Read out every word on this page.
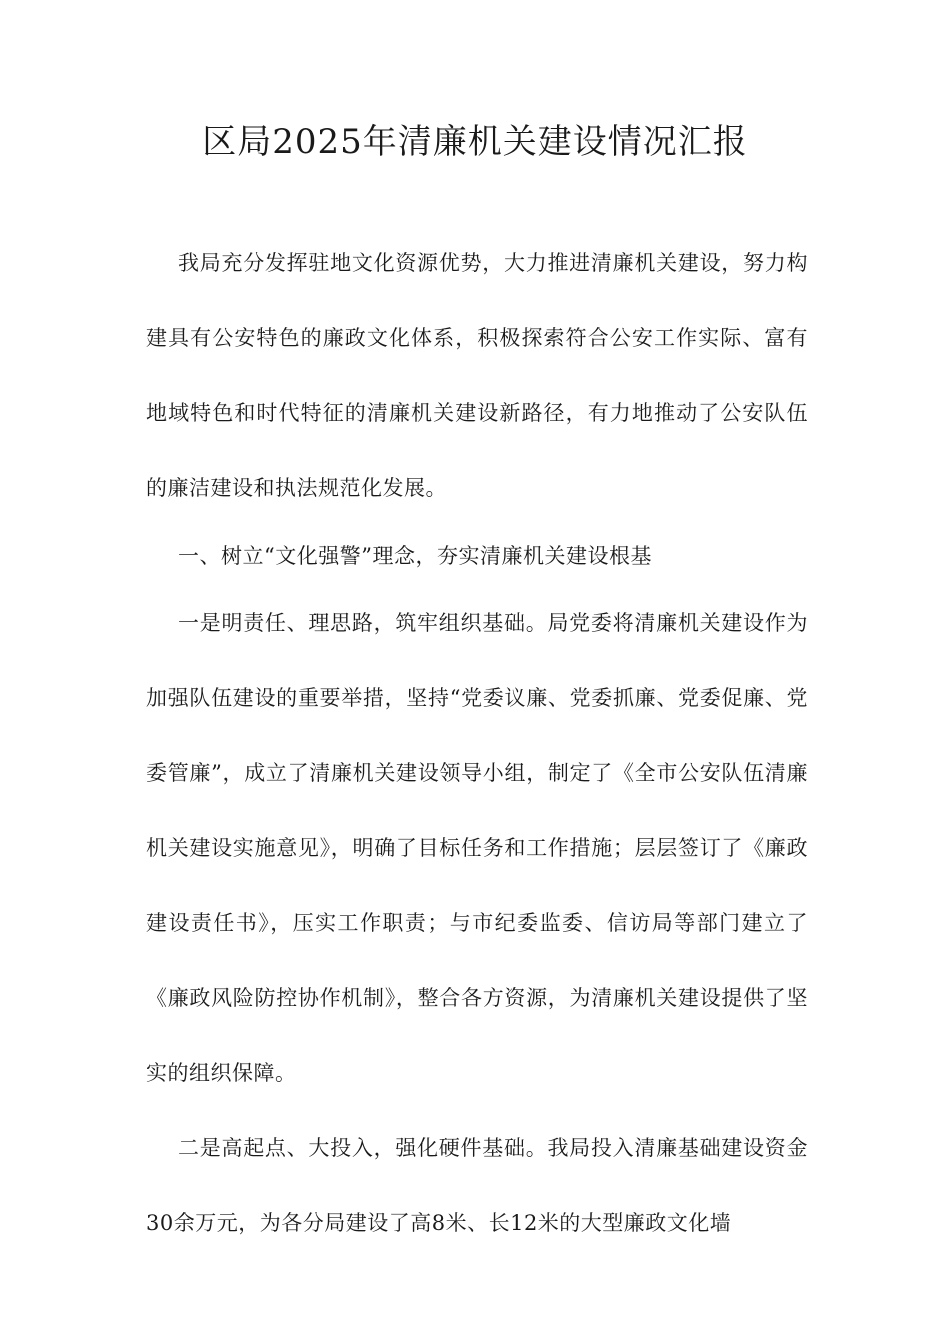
区局2025年清廉机关建设情况汇报

我局充分发挥驻地文化资源优势，大力推进清廉机关建设，努力构建具有公安特色的廉政文化体系，积极探索符合公安工作实际、富有地域特色和时代特征的清廉机关建设新路径，有力地推动了公安队伍的廉洁建设和执法规范化发展。

一、树立“文化强警”理念，夯实清廉机关建设根基

一是明责任、理思路，筑牢组织基础。局党委将清廉机关建设作为加强队伍建设的重要举措，坚持“党委议廉、党委抓廉、党委促廉、党委管廉”，成立了清廉机关建设领导小组，制定了《全市公安队伍清廉机关建设实施意见》，明确了目标任务和工作措施；层层签订了《廉政建设责任书》，压实工作职责；与市纪委监委、信访局等部门建立了《廉政风险防控协作机制》，整合各方资源，为清廉机关建设提供了坚实的组织保障。

二是高起点、大投入，强化硬件基础。我局投入清廉基础建设资金30余万元，为各分局建设了高8米、长12米的大型廉政文化墙
